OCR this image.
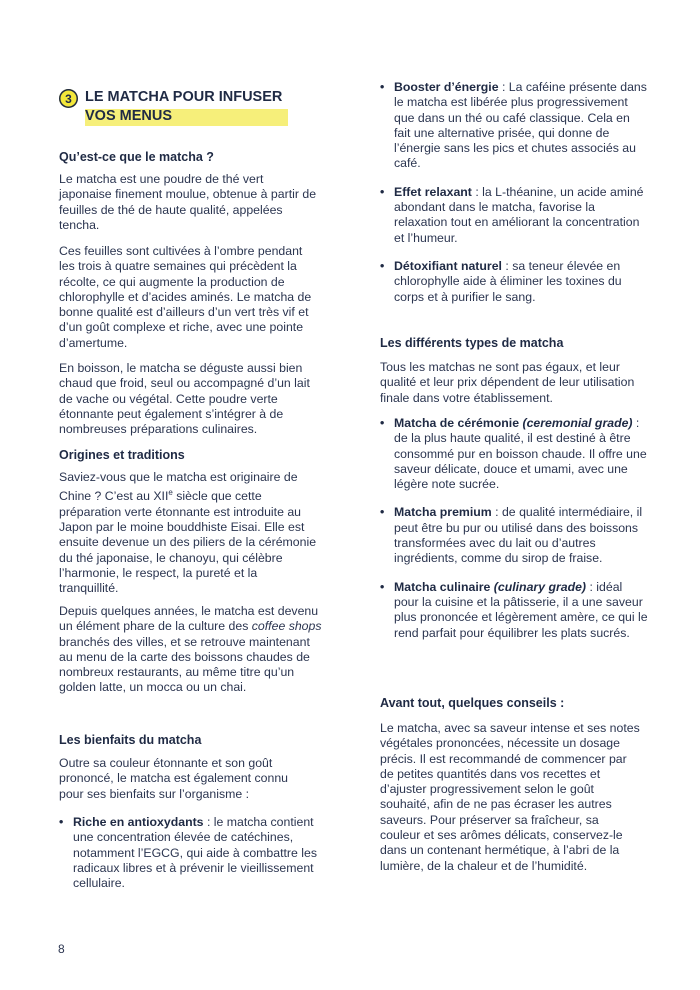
3 LE MATCHA POUR INFUSER
VOS MENUS
Qu’est-ce que le matcha ?

Le matcha est une poudre de thé vert japonaise finement moulue, obtenue à partir de feuilles de thé de haute qualité, appelées tencha.

Ces feuilles sont cultivées à l’ombre pendant les trois à quatre semaines qui précèdent la récolte, ce qui augmente la production de chlorophylle et d’acides aminés. Le matcha de bonne qualité est d’ailleurs d’un vert très vif et d’un goût complexe et riche, avec une pointe d’amertume.

En boisson, le matcha se déguste aussi bien chaud que froid, seul ou accompagné d’un lait de vache ou végétal. Cette poudre verte étonnante peut également s’intégrer à de nombreuses préparations culinaires.

Origines et traditions

Saviez-vous que le matcha est originaire de Chine ? C’est au XIIe siècle que cette préparation verte étonnante est introduite au Japon par le moine bouddhiste Eisai. Elle est ensuite devenue un des piliers de la cérémonie du thé japonaise, le chanoyu, qui célèbre l’harmonie, le respect, la pureté et la tranquillité.

Depuis quelques années, le matcha est devenu un élément phare de la culture des coffee shops branchés des villes, et se retrouve maintenant au menu de la carte des boissons chaudes de nombreux restaurants, au même titre qu’un golden latte, un mocca ou un chai.

Les bienfaits du matcha

Outre sa couleur étonnante et son goût prononcé, le matcha est également connu pour ses bienfaits sur l’organisme :

• Riche en antioxydants : le matcha contient une concentration élevée de catéchines, notamment l’EGCG, qui aide à combattre les radicaux libres et à prévenir le vieillissement cellulaire.
• Booster d’énergie : La caféine présente dans le matcha est libérée plus progressivement que dans un thé ou café classique. Cela en fait une alternative prisée, qui donne de l’énergie sans les pics et chutes associés au café.
• Effet relaxant : la L-théanine, un acide aminé abondant dans le matcha, favorise la relaxation tout en améliorant la concentration et l’humeur.
• Détoxifiant naturel : sa teneur élevée en chlorophylle aide à éliminer les toxines du corps et à purifier le sang.
Les différents types de matcha

Tous les matchas ne sont pas égaux, et leur qualité et leur prix dépendent de leur utilisation finale dans votre établissement.

• Matcha de cérémonie (ceremonial grade) : de la plus haute qualité, il est destiné à être consommé pur en boisson chaude. Il offre une saveur délicate, douce et umami, avec une légère note sucrée.
• Matcha premium : de qualité intermédiaire, il peut être bu pur ou utilisé dans des boissons transformées avec du lait ou d’autres ingrédients, comme du sirop de fraise.
• Matcha culinaire (culinary grade) : idéal pour la cuisine et la pâtisserie, il a une saveur plus prononcée et légèrement amère, ce qui le rend parfait pour équilibrer les plats sucrés.
Avant tout, quelques conseils :

Le matcha, avec sa saveur intense et ses notes végétales prononcées, nécessite un dosage précis. Il est recommandé de commencer par de petites quantités dans vos recettes et d’ajuster progressivement selon le goût souhaité, afin de ne pas écraser les autres saveurs. Pour préserver sa fraîcheur, sa couleur et ses arômes délicats, conservez-le dans un contenant hermétique, à l’abri de la lumière, de la chaleur et de l’humidité.

8
